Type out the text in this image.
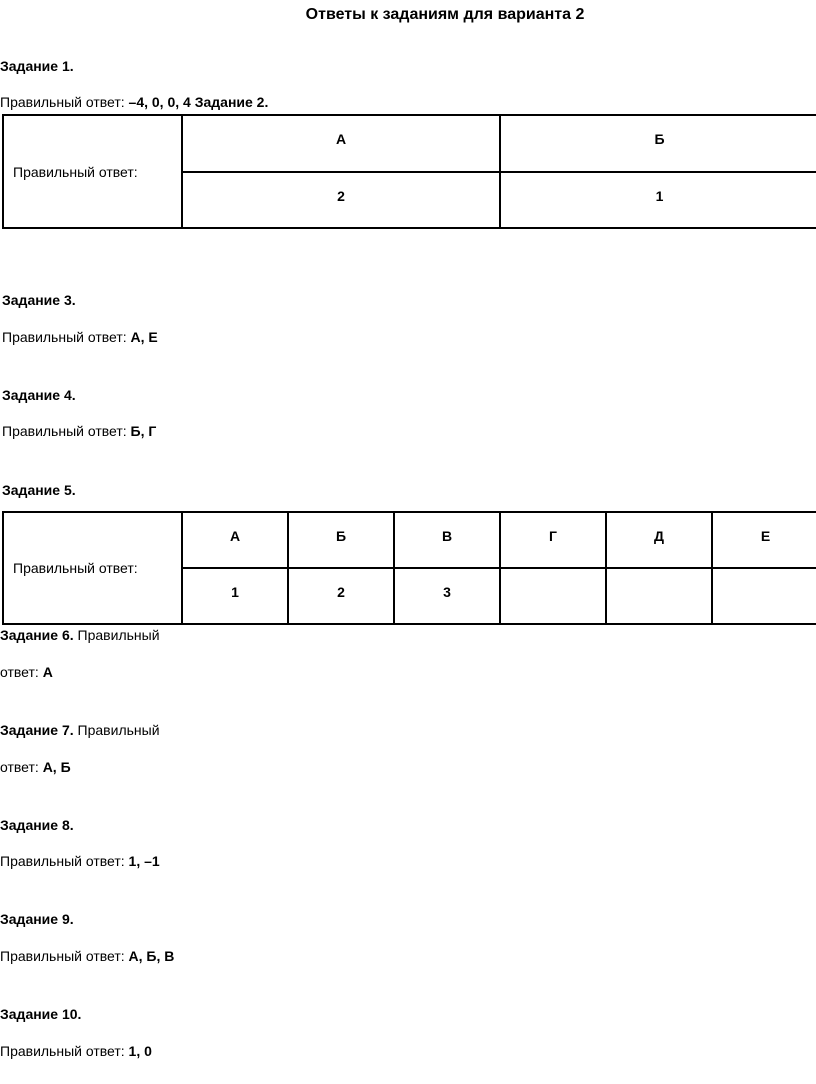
Ответы к заданиям для варианта 2
Задание 1.
Правильный ответ: –4, 0, 0, 4 Задание 2.
Правильный ответ:	А	Б
	2	1
Задание 3.
Правильный ответ: А, Е
Задание 4.
Правильный ответ: Б, Г
Задание 5.
Правильный ответ:	А	Б	В	Г	Д	Е
	1	2	3			
Задание 6. Правильный
ответ: А
Задание 7. Правильный
ответ: А, Б
Задание 8.
Правильный ответ: 1, –1
Задание 9.
Правильный ответ: А, Б, В
Задание 10.
Правильный ответ: 1, 0
